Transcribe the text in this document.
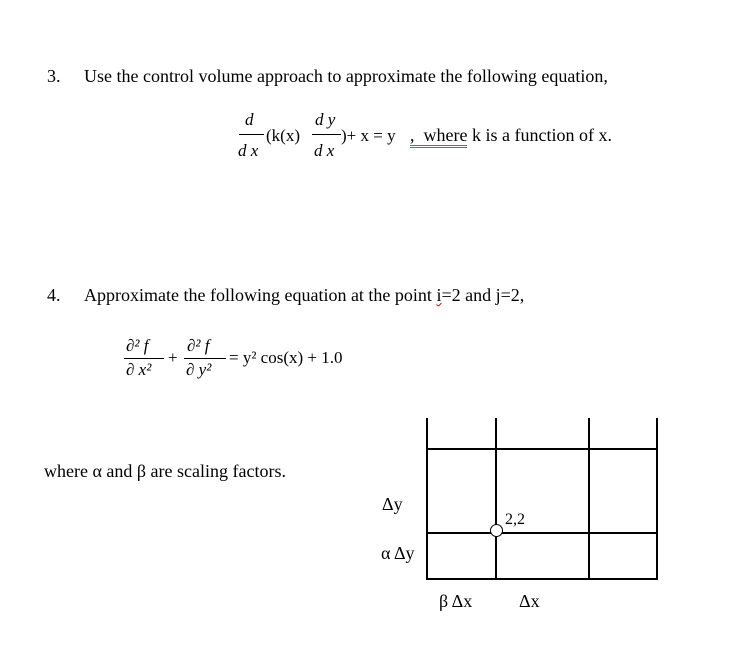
3. Use the control volume approach to approximate the following equation,
d
d x
(k(x)
d y
d x
)+ x = y , where k is a function of x.
4. Approximate the following equation at the point i=2 and j=2,
∂² f
∂ x²
+
∂² f
∂ y²
= y² cos(x) + 1.0
where α and β are scaling factors.
2,2
Δy
α Δy
β Δx	Δx
